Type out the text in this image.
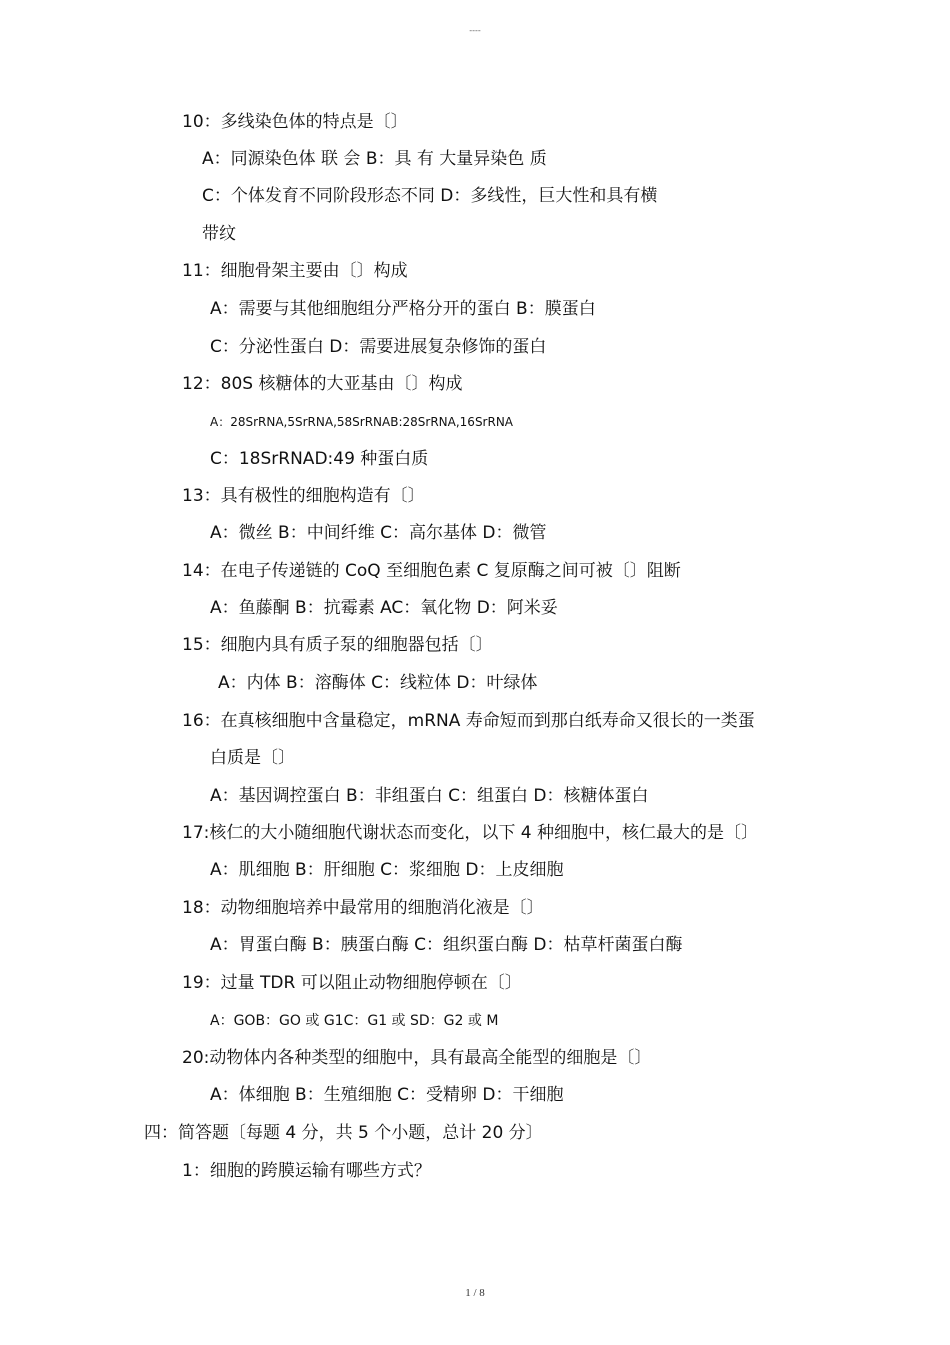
----
10：多线染色体的特点是〔〕
A：同源染色体 联 会 B：具 有 大量异染色 质
C：个体发育不同阶段形态不同 D：多线性，巨大性和具有横
带纹
11：细胞骨架主要由〔〕构成
A：需要与其他细胞组分严格分开的蛋白 B：膜蛋白
C：分泌性蛋白 D：需要进展复杂修饰的蛋白
12：80S 核糖体的大亚基由〔〕构成
A：28SrRNA,5SrRNA,58SrRNAB:28SrRNA,16SrRNA
C：18SrRNAD:49 种蛋白质
13：具有极性的细胞构造有〔〕
A：微丝 B：中间纤维 C：高尔基体 D：微管
14：在电子传递链的 CoQ 至细胞色素 C 复原酶之间可被〔〕阻断
A：鱼藤酮 B：抗霉素 AC：氧化物 D：阿米妥
15：细胞内具有质子泵的细胞器包括〔〕
A：内体 B：溶酶体 C：线粒体 D：叶绿体
16：在真核细胞中含量稳定，mRNA 寿命短而到那白纸寿命又很长的一类蛋
白质是〔〕
A：基因调控蛋白 B：非组蛋白 C：组蛋白 D：核糖体蛋白
17:核仁的大小随细胞代谢状态而变化，以下 4 种细胞中，核仁最大的是〔〕
A：肌细胞 B：肝细胞 C：浆细胞 D：上皮细胞
18：动物细胞培养中最常用的细胞消化液是〔〕
A：胃蛋白酶 B：胰蛋白酶 C：组织蛋白酶 D：枯草杆菌蛋白酶
19：过量 TDR 可以阻止动物细胞停顿在〔〕
A：GOB：GO 或 G1C：G1 或 SD：G2 或 M
20:动物体内各种类型的细胞中，具有最高全能型的细胞是〔〕
A：体细胞 B：生殖细胞 C：受精卵 D：干细胞
四：简答题〔每题 4 分，共 5 个小题，总计 20 分〕
1：细胞的跨膜运输有哪些方式？
1 / 8
